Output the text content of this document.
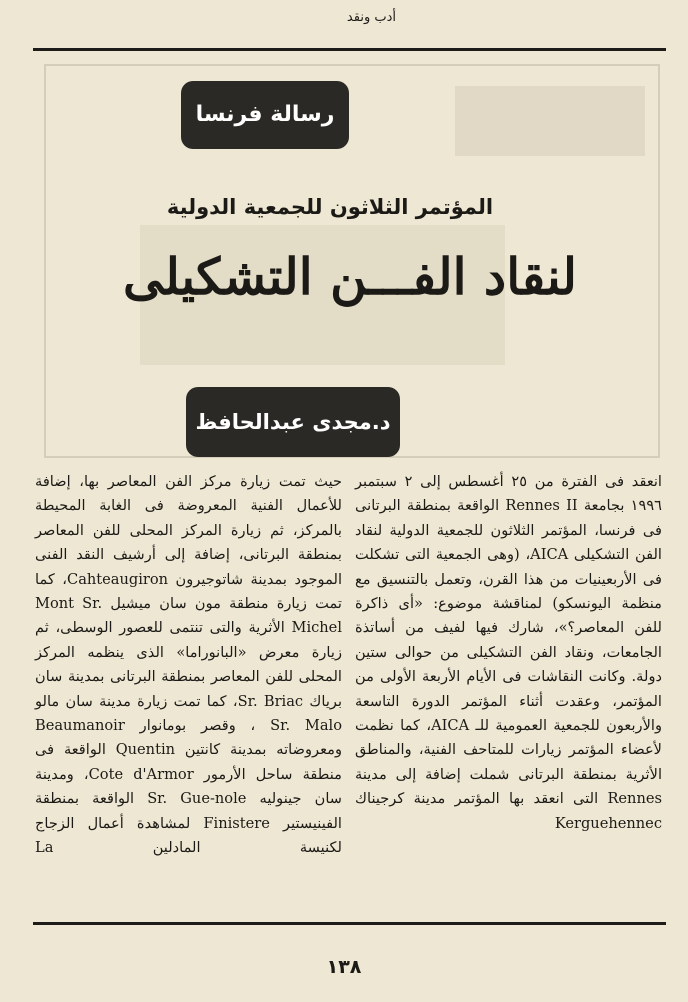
أدب ونقد
رسالة فرنسا
المؤتمر الثلاثون للجمعية الدولية
لنقاد الفـــن التشكيلى
د.مجدى عبدالحافظ

انعقد فى الفترة من ٢٥ أغسطس إلى ٢ سبتمبر ١٩٩٦ بجامعة Rennes II الواقعة بمنطقة البرتانى فى فرنسا، المؤتمر الثلاثون للجمعية الدولية لنقاد الفن التشكيلى AICA، (وهى الجمعية التى تشكلت فى الأربعينيات من هذا القرن، وتعمل بالتنسيق مع منظمة اليونسكو) لمناقشة موضوع: «أى ذاكرة للفن المعاصر؟»، شارك فيها لفيف من أساتذة الجامعات، ونقاد الفن التشكيلى من حوالى ستين دولة. وكانت النقاشات فى الأيام الأربعة الأولى من المؤتمر، وعقدت أثناء المؤتمر الدورة التاسعة والأربعون للجمعية العمومية للـ AICA، كما نظمت لأعضاء المؤتمر زيارات للمتاحف الفنية، والمناطق الأثرية بمنطقة البرتانى شملت إضافة إلى مدينة Rennes التى انعقد بها المؤتمر مدينة كرجيناك Kerguehennec

حيث تمت زيارة مركز الفن المعاصر بها، إضافة للأعمال الفنية المعروضة فى الغابة المحيطة بالمركز، ثم زيارة المركز المحلى للفن المعاصر بمنطقة البرتانى، إضافة إلى أرشيف النقد الفنى الموجود بمدينة شاتوجيرون Cahteaugiron، كما تمت زيارة منطقة مون سان ميشيل Mont Sr. Michel الأثرية والتى تنتمى للعصور الوسطى، ثم زيارة معرض «البانوراما» الذى ينظمه المركز المحلى للفن المعاصر بمنطقة البرتانى بمدينة سان برياك Sr. Briac، كما تمت زيارة مدينة سان مالو Sr. Malo ، وقصر بومانوار Beaumanoir ومعروضاته بمدينة كانتين Quentin الواقعة فى منطقة ساحل الأرمور Cote d'Armor، ومدينة سان جينوليه Sr. Gue-nole الواقعة بمنطقة الفينيستير Finistere لمشاهدة أعمال الزجاج لكنيسة المادلين La

١٣٨
